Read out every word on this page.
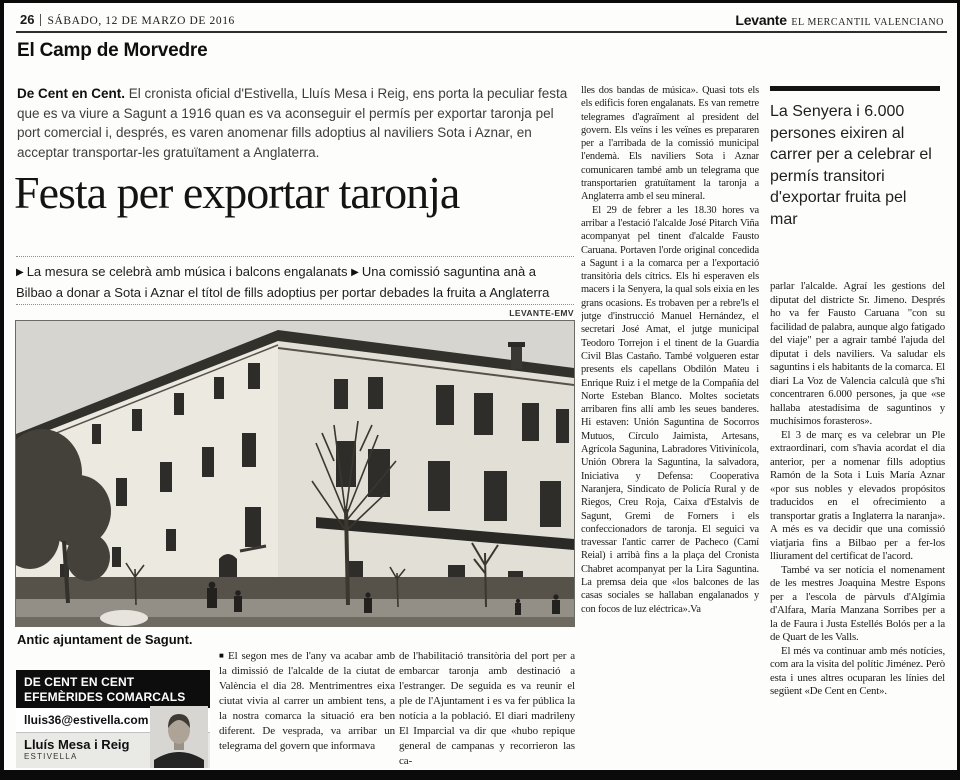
26 SÁBADO, 12 DE MARZO DE 2016	Levante EL MERCANTIL VALENCIANO
El Camp de Morvedre

De Cent en Cent. El cronista oficial d'Estivella, Lluís Mesa i Reig, ens porta la peculiar festa que es va viure a Sagunt a 1916 quan es va aconseguir el permís per exportar taronja pel port comercial i, després, es varen anomenar fills adoptius al naviliers Sota i Aznar, en acceptar transportar-les gratuïtament a Anglaterra.

Festa per exportar taronja

▶ La mesura se celebrà amb música i balcons engalanats ▶ Una comissió saguntina anà a Bilbao a donar a Sota i Aznar el títol de fills adoptius per portar debades la fruita a Anglaterra

LEVANTE-EMV
Antic ajuntament de Sagunt.
DE CENT EN CENT
EFEMÈRIDES COMARCALS
lluis36@estivella.com
Lluís Mesa i Reig
ESTIVELLA

■ El segon mes de l'any va acabar amb la dimissió de l'alcalde de la ciutat de València el dia 28. Mentrimentres eixa ciutat vivia al carrer un ambient tens, a la nostra comarca la situació era ben diferent. De vesprada, va arribar un telegrama del govern que informava

de l'habilitació transitòria del port per a embarcar taronja amb destinació a l'estranger. De seguida es va reunir el ple de l'Ajuntament i es va fer pública la notícia a la població. El diari madrileny El Imparcial va dir que «hubo repique general de campanas y recorrieron las ca-

lles dos bandas de música». Quasi tots els els edificis foren engalanats. Es van remetre telegrames d'agraïment al president del govern. Els veïns i les veïnes es prepararen per a l'arribada de la comissió municipal l'endemà. Els naviliers Sota i Aznar comunicaren també amb un telegrama que transportarien gratuïtament la taronja a Anglaterra amb el seu mineral.

El 29 de febrer a les 18.30 hores va arribar a l'estació l'alcalde José Pitarch Viña acompanyat pel tinent d'alcalde Fausto Caruana. Portaven l'orde original concedida a Sagunt i a la comarca per a l'exportació transitòria dels cítrics. Els hi esperaven els macers i la Senyera, la qual sols eixia en les grans ocasions. Es trobaven per a rebre'ls el jutge d'instrucció Manuel Hernández, el secretari José Amat, el jutge municipal Teodoro Torrejon i el tinent de la Guardia Civil Blas Castaño. També volgueren estar presents els capellans Obdilón Mateu i Enrique Ruiz i el metge de la Compañía del Norte Esteban Blanco. Moltes societats arribaren fins allí amb les seues banderes. Hi estaven: Unión Saguntina de Socorros Mutuos, Círculo Jaimista, Artesans, Agrícola Sagunina, Labradores Vitivinícola, Unión Obrera la Saguntina, la salvadora, Iniciativa y Defensa: Cooperativa Naranjera, Sindicato de Policía Rural y de Riegos, Creu Roja, Caixa d'Estalvis de Sagunt, Gremi de Forners i els confeccionadors de taronja. El seguici va travessar l'antic carrer de Pacheco (Camí Reial) i arribà fins a la plaça del Cronista Chabret acompanyat per la Lira Saguntina. La premsa deia que «los balcones de las casas sociales se hallaban engalanados y con focos de luz eléctrica».Va

La Senyera i 6.000 persones eixiren al carrer per a celebrar el permís transitori d'exportar fruita pel mar

parlar l'alcalde. Agraí les gestions del diputat del districte Sr. Jimeno. Després ho va fer Fausto Caruana "con su facilidad de palabra, aunque algo fatigado del viaje" per a agrair també l'ajuda del diputat i dels naviliers. Va saludar els saguntins i els habitants de la comarca. El diari La Voz de Valencia calculà que s'hi concentraren 6.000 persones, ja que «se hallaba atestadísima de saguntinos y muchísimos forasteros».

El 3 de març es va celebrar un Ple extraordinari, com s'havia acordat el dia anterior, per a nomenar fills adoptius Ramón de la Sota i Luis María Aznar «por sus nobles y elevados propósitos traducidos en el ofrecimiento a transportar gratis a Inglaterra la naranja». A més es va decidir que una comissió viatjaria fins a Bilbao per a fer-los lliurament del certificat de l'acord.

També va ser notícia el nomenament de les mestres Joaquina Mestre Espons per a l'escola de pàrvuls d'Algímia d'Alfara, María Manzana Sorribes per a la de Faura i Justa Estellés Bolós per a la de Quart de les Valls.

El més va continuar amb més notícies, com ara la visita del polític Jiménez. Però esta i unes altres ocuparan les línies del següent «De Cent en Cent».
